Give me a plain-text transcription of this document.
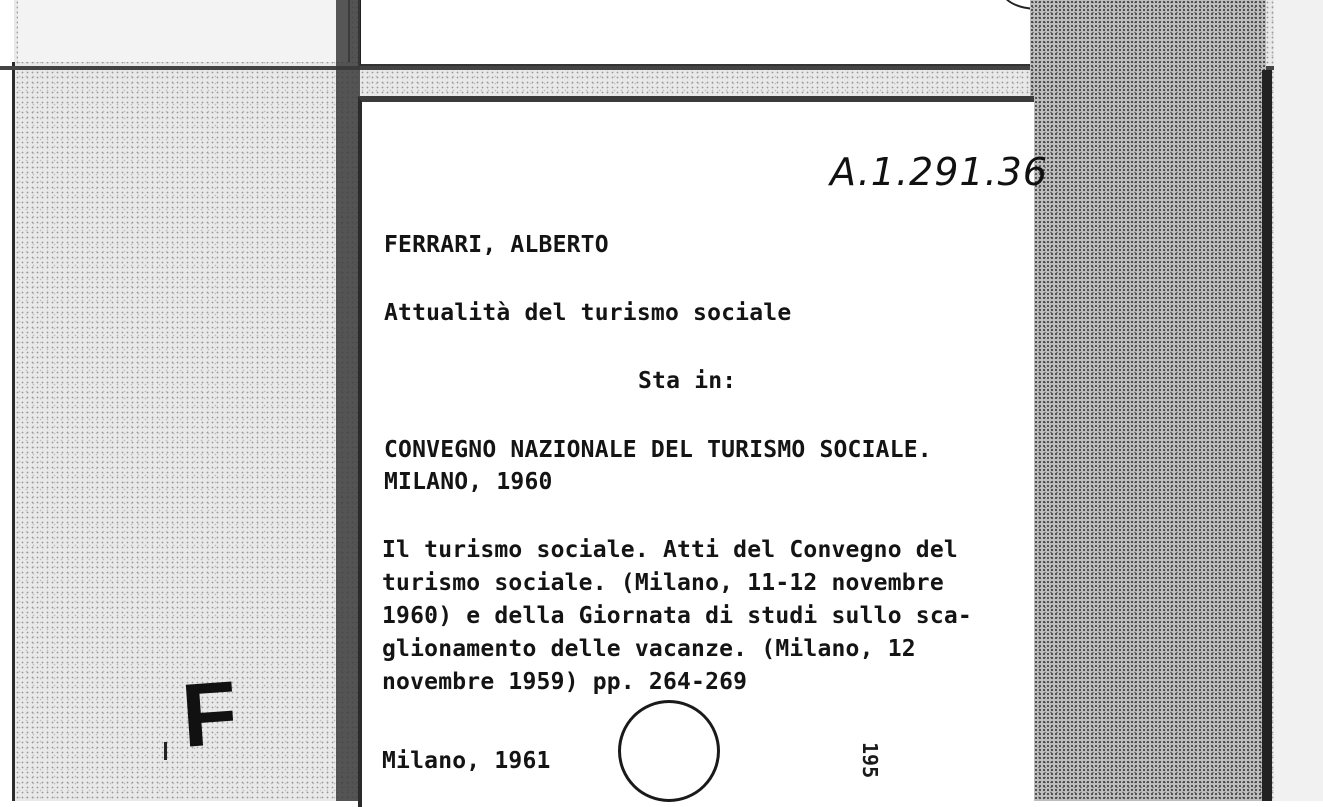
A.1.291.36
FERRARI, ALBERTO
Attualità del turismo sociale
Sta in:
CONVEGNO NAZIONALE DEL TURISMO SOCIALE.
MILANO, 1960
Il turismo sociale. Atti del Convegno del
turismo sociale. (Milano, 11-12 novembre
1960) e della Giornata di studi sullo sca-
glionamento delle vacanze. (Milano, 12
novembre 1959) pp. 264-269
Milano, 1961	195
F
